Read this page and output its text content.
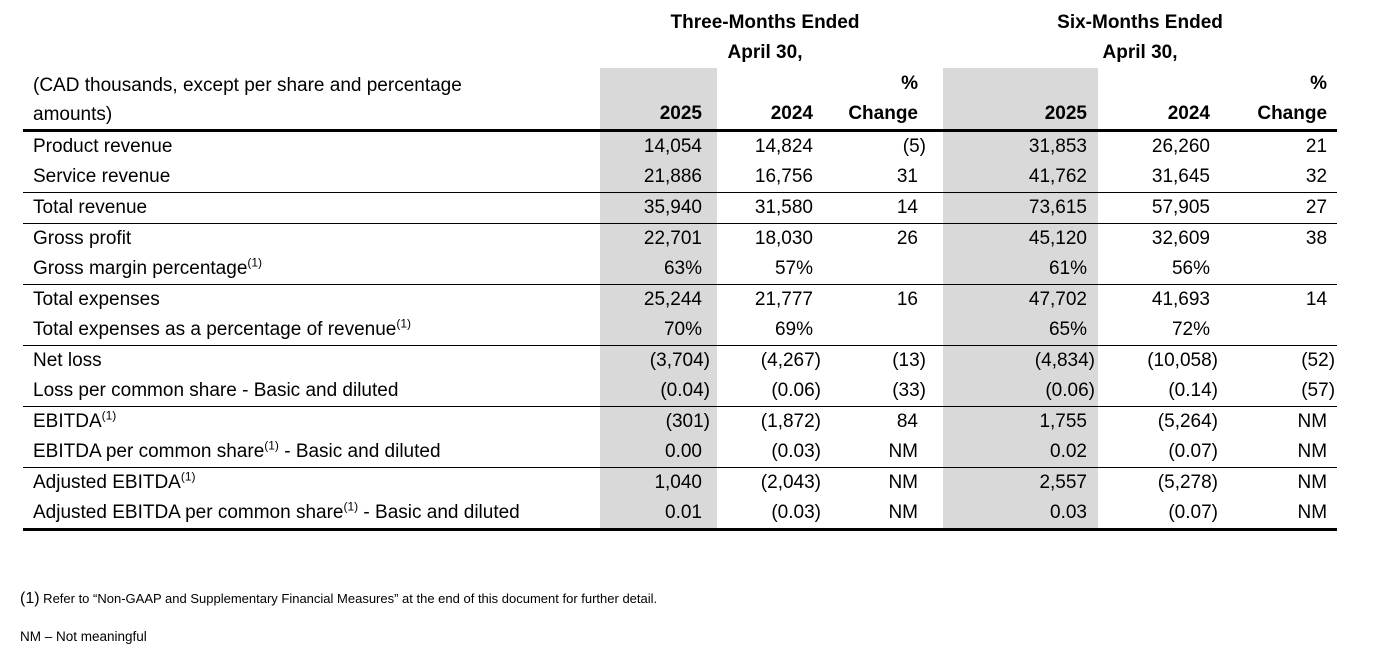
	Three-Months Ended				Six-Months Ended		
	April 30,				April 30,		
(CAD thousands, except per share and percentage
amounts)			%				%
	2025	2024	Change		2025	2024	Change
Product revenue	14,054	14,824	(5)		31,853	26,260	21
Service revenue	21,886	16,756	31		41,762	31,645	32
Total revenue	35,940	31,580	14		73,615	57,905	27
Gross profit	22,701	18,030	26		45,120	32,609	38
Gross margin percentage$^{(1)}$	63%	57%			61%	56%	
Total expenses	25,244	21,777	16		47,702	41,693	14
Total expenses as a percentage of revenue$^{(1)}$	70%	69%			65%	72%	
Net loss	(3,704)	(4,267)	(13)		(4,834)	(10,058)	(52)
Loss per common share - Basic and diluted	(0.04)	(0.06)	(33)		(0.06)	(0.14)	(57)
EBITDA$^{(1)}$	(301)	(1,872)	84		1,755	(5,264)	NM
EBITDA per common share$^{(1)}$ - Basic and diluted	0.00	(0.03)	NM		0.02	(0.07)	NM
Adjusted EBITDA$^{(1)}$	1,040	(2,043)	NM		2,557	(5,278)	NM
Adjusted EBITDA per common share$^{(1)}$ - Basic and diluted	0.01	(0.03)	NM		0.03	(0.07)	NM
(1) Refer to “Non-GAAP and Supplementary Financial Measures” at the end of this document for further detail.
NM – Not meaningful
